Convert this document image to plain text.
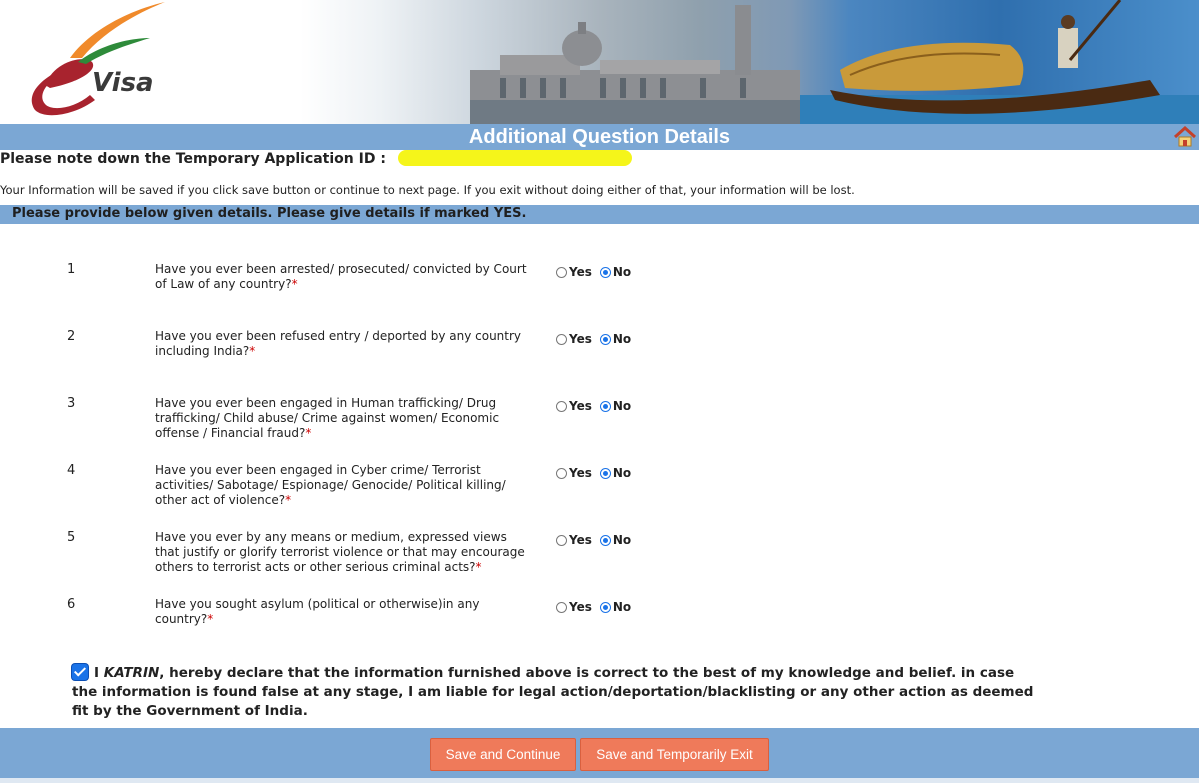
Visa
Additional Question Details
Please note down the Temporary Application ID :
Your Information will be saved if you click save button or continue to next page. If you exit without doing either of that, your information will be lost.
Please provide below given details. Please give details if marked YES.
1	Have you ever been arrested/ prosecuted/ convicted by Court of Law of any country?*
Yes No
2	Have you ever been refused entry / deported by any country including India?*
Yes No
3	Have you ever been engaged in Human trafficking/ Drug trafficking/ Child abuse/ Crime against women/ Economic offense / Financial fraud?*
Yes No
4	Have you ever been engaged in Cyber crime/ Terrorist activities/ Sabotage/ Espionage/ Genocide/ Political killing/ other act of violence?*
Yes No
5	Have you ever by any means or medium, expressed views that justify or glorify terrorist violence or that may encourage others to terrorist acts or other serious criminal acts?*
Yes No
6	Have you sought asylum (political or otherwise)in any country?*
Yes No
I KATRIN, hereby declare that the information furnished above is correct to the best of my knowledge and belief. in case the information is found false at any stage, I am liable for legal action/deportation/blacklisting or any other action as deemed fit by the Government of India.
Save and Continue	Save and Temporarily Exit
